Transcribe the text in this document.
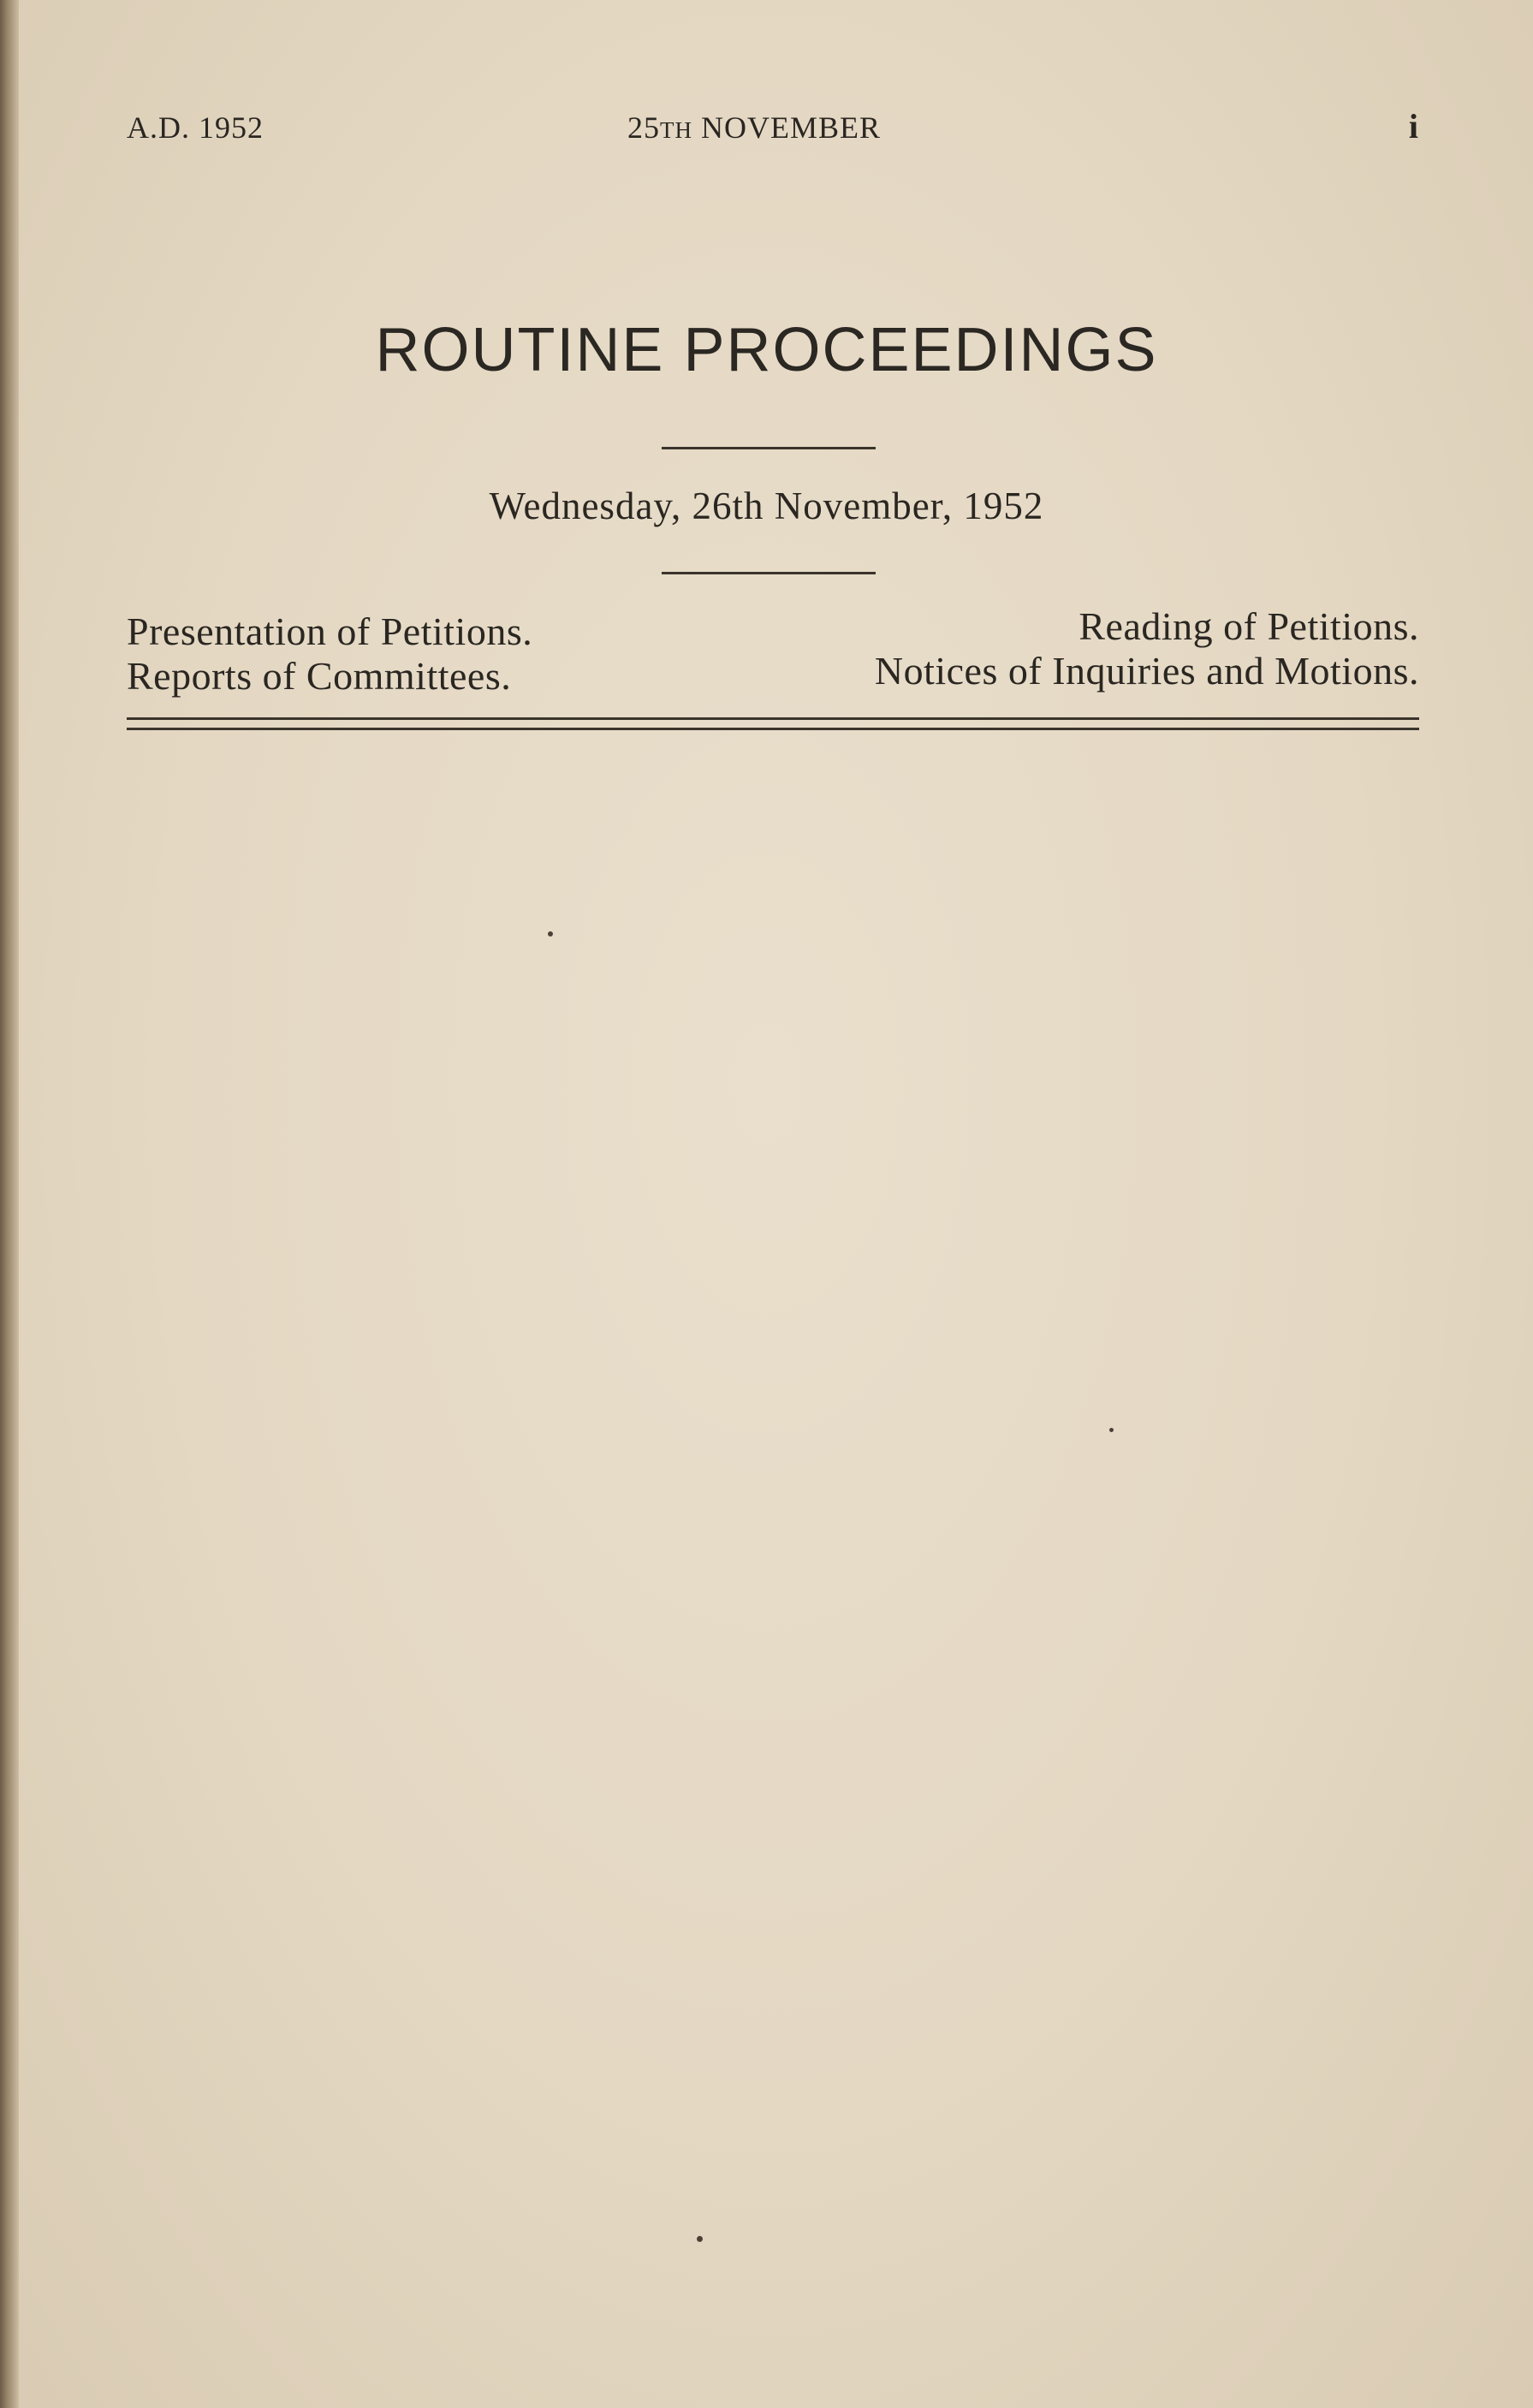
A.D. 1952	25TH NOVEMBER	i
ROUTINE PROCEEDINGS
Wednesday, 26th November, 1952
Presentation of Petitions.
Reports of Committees.
Reading of Petitions.
Notices of Inquiries and Motions.
